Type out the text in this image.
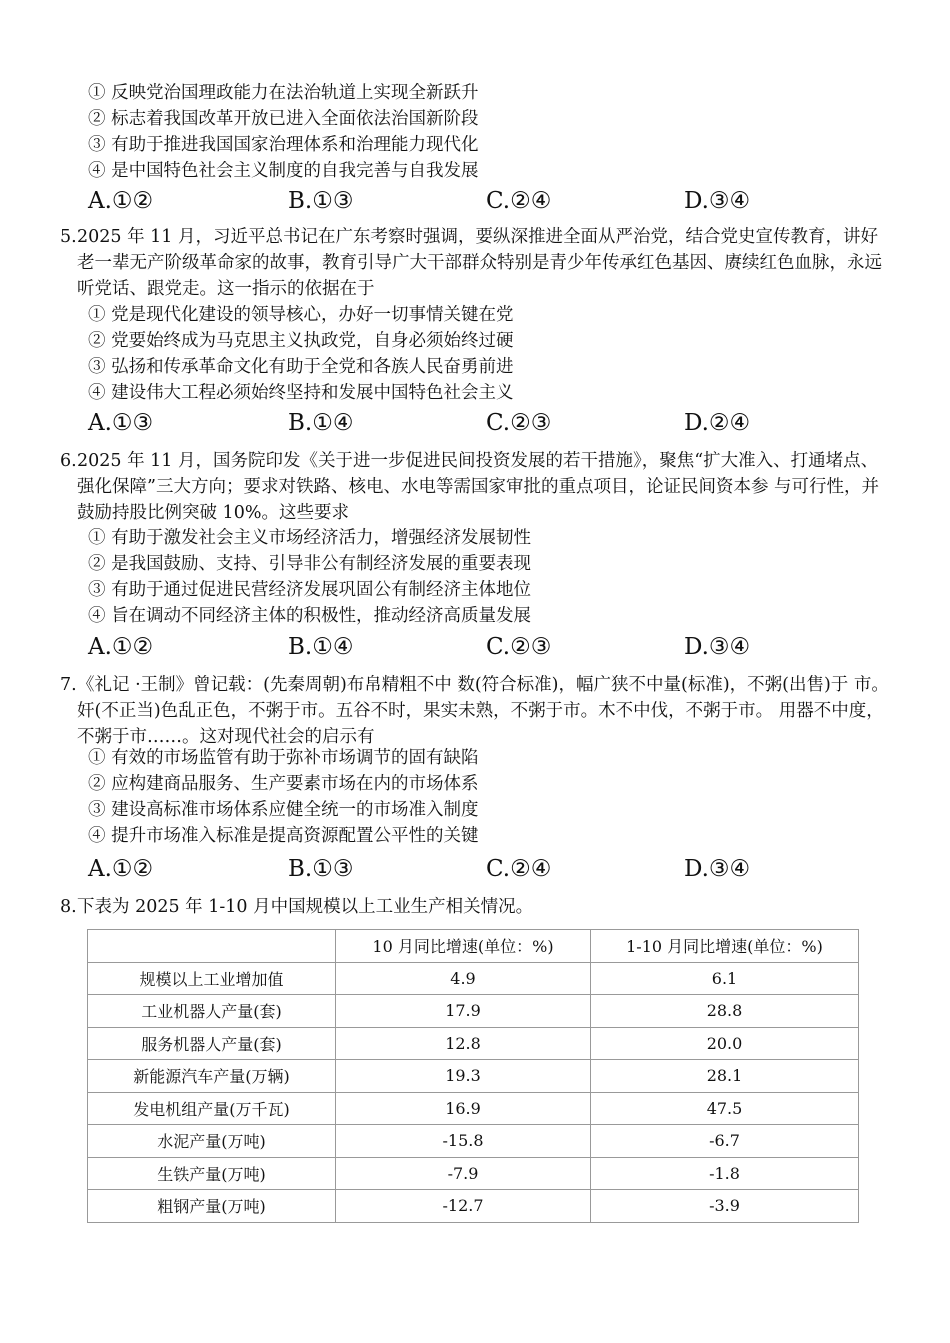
① 反映党治国理政能力在法治轨道上实现全新跃升
② 标志着我国改革开放已进入全面依法治国新阶段
③ 有助于推进我国国家治理体系和治理能力现代化
④ 是中国特色社会主义制度的自我完善与自我发展
A.①②	B.①③	C.②④	D.③④
5. 2025 年 11 月，习近平总书记在广东考察时强调，要纵深推进全面从严治党，结合党史宣传教育，讲好老一辈无产阶级革命家的故事，教育引导广大干部群众特别是青少年传承红色基因、赓续红色血脉，永远听党话、跟党走。这一指示的依据在于
① 党是现代化建设的领导核心，办好一切事情关键在党
② 党要始终成为马克思主义执政党，自身必须始终过硬
③ 弘扬和传承革命文化有助于全党和各族人民奋勇前进
④ 建设伟大工程必须始终坚持和发展中国特色社会主义
A.①③	B.①④	C.②③	D.②④
6. 2025 年 11 月，国务院印发《关于进一步促进民间投资发展的若干措施》，聚焦“扩大准入、打通堵点、强化保障”三大方向；要求对铁路、核电、水电等需国家审批的重点项目，论证民间资本参 与可行性，并鼓励持股比例突破 10%。这些要求
① 有助于激发社会主义市场经济活力，增强经济发展韧性
② 是我国鼓励、支持、引导非公有制经济发展的重要表现
③ 有助于通过促进民营经济发展巩固公有制经济主体地位
④ 旨在调动不同经济主体的积极性，推动经济高质量发展
A.①②	B.①④	C.②③	D.③④
7. 《礼记 ·王制》曾记载：(先秦周朝)布帛精粗不中 数(符合标准)，幅广狭不中量(标准)，不粥(出售)于 市。奸(不正当)色乱正色，不粥于市。五谷不时，果实未熟，不粥于市。木不中伐，不粥于市。 用器不中度，不粥于市……。这对现代社会的启示有
① 有效的市场监管有助于弥补市场调节的固有缺陷
② 应构建商品服务、生产要素市场在内的市场体系
③ 建设高标准市场体系应健全统一的市场准入制度
④ 提升市场准入标准是提高资源配置公平性的关键
A.①②	B.①③	C.②④	D.③④
8. 下表为 2025 年 1-10 月中国规模以上工业生产相关情况。
	10 月同比增速(单位：%)	1-10 月同比增速(单位：%)
规模以上工业增加值	4.9	6.1
工业机器人产量(套)	17.9	28.8
服务机器人产量(套)	12.8	20.0
新能源汽车产量(万辆)	19.3	28.1
发电机组产量(万千瓦)	16.9	47.5
水泥产量(万吨)	-15.8	-6.7
生铁产量(万吨)	-7.9	-1.8
粗钢产量(万吨)	-12.7	-3.9
